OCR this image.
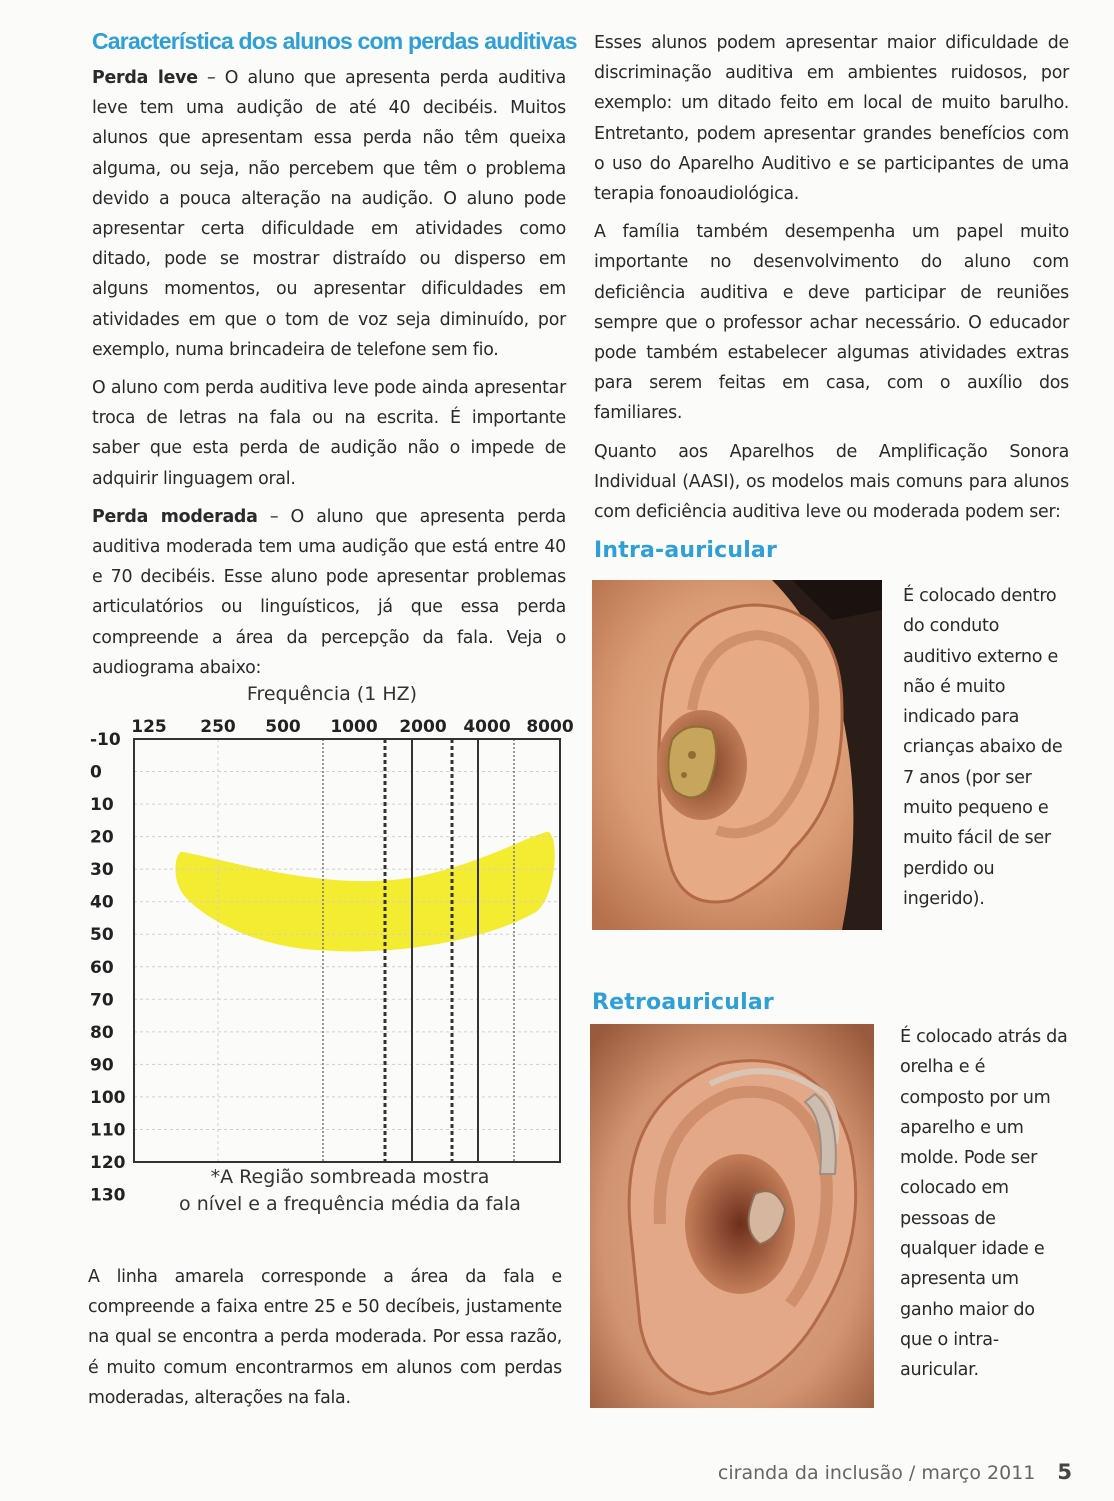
Característica dos alunos com perdas auditivas

Perda leve – O aluno que apresenta perda auditiva leve tem uma audição de até 40 decibéis. Muitos alunos que apresentam essa perda não têm queixa alguma, ou seja, não percebem que têm o problema devido a pouca alteração na audição. O aluno pode apresentar certa dificuldade em atividades como ditado, pode se mostrar distraído ou disperso em alguns momentos, ou apresentar dificuldades em atividades em que o tom de voz seja diminuído, por exemplo, numa brincadeira de telefone sem fio.

O aluno com perda auditiva leve pode ainda apresentar troca de letras na fala ou na escrita. É importante saber que esta perda de audição não o impede de adquirir linguagem oral.

Perda moderada – O aluno que apresenta perda auditiva moderada tem uma audição que está entre 40 e 70 decibéis. Esse aluno pode apresentar problemas articulatórios ou linguísticos, já que essa perda compreende a área da percepção da fala. Veja o audiograma abaixo:

Frequência (1 HZ)
125 250 500 1000 2000 4000 8000
-10
0
10
20
30
40
50
60
70
80
90
100
110
120
130
*A Região sombreada mostra
o nível e a frequência média da fala

A linha amarela corresponde a área da fala e compreende a faixa entre 25 e 50 decíbeis, justamente na qual se encontra a perda moderada. Por essa razão, é muito comum encontrarmos em alunos com perdas moderadas, alterações na fala.

Esses alunos podem apresentar maior dificuldade de discriminação auditiva em ambientes ruidosos, por exemplo: um ditado feito em local de muito barulho. Entretanto, podem apresentar grandes benefícios com o uso do Aparelho Auditivo e se participantes de uma terapia fonoaudiológica.

A família também desempenha um papel muito importante no desenvolvimento do aluno com deficiência auditiva e deve participar de reuniões sempre que o professor achar necessário. O educador pode também estabelecer algumas atividades extras para serem feitas em casa, com o auxílio dos familiares.

Quanto aos Aparelhos de Amplificação Sonora Individual (AASI), os modelos mais comuns para alunos com deficiência auditiva leve ou moderada podem ser:

Intra-auricular
É colocado dentro do conduto auditivo externo e não é muito indicado para crianças abaixo de 7 anos (por ser muito pequeno e muito fácil de ser perdido ou ingerido).
Retroauricular
É colocado atrás da orelha e é composto por um aparelho e um molde. Pode ser colocado em pessoas de qualquer idade e apresenta um ganho maior do que o intra-auricular.
ciranda da inclusão / março 2011 5
